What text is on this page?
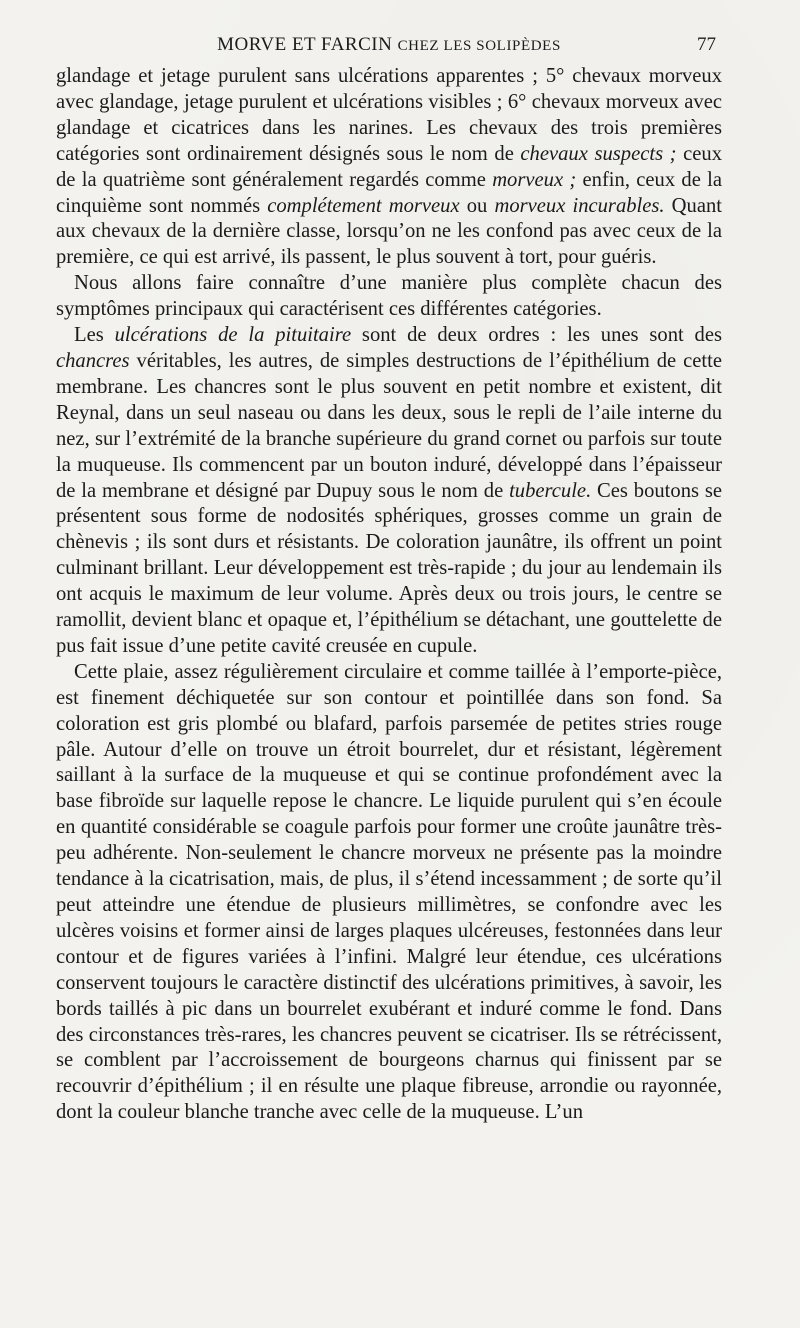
MORVE ET FARCIN CHEZ LES SOLIPÈDES	77

glandage et jetage purulent sans ulcérations apparentes ; 5° chevaux morveux avec glandage, jetage purulent et ulcérations visibles ; 6° chevaux morveux avec glandage et cicatrices dans les narines. Les chevaux des trois premières catégories sont ordinairement désignés sous le nom de chevaux suspects ; ceux de la quatrième sont généralement regardés comme morveux ; enfin, ceux de la cinquième sont nommés complétement morveux ou morveux incurables. Quant aux chevaux de la dernière classe, lorsqu’on ne les confond pas avec ceux de la première, ce qui est arrivé, ils passent, le plus souvent à tort, pour guéris.

Nous allons faire connaître d’une manière plus complète chacun des symptômes principaux qui caractérisent ces différentes catégories.

Les ulcérations de la pituitaire sont de deux ordres : les unes sont des chancres véritables, les autres, de simples destructions de l’épithélium de cette membrane. Les chancres sont le plus souvent en petit nombre et existent, dit Reynal, dans un seul naseau ou dans les deux, sous le repli de l’aile interne du nez, sur l’extrémité de la branche supérieure du grand cornet ou parfois sur toute la muqueuse. Ils commencent par un bouton induré, développé dans l’épaisseur de la membrane et désigné par Dupuy sous le nom de tubercule. Ces boutons se présentent sous forme de nodosités sphériques, grosses comme un grain de chènevis ; ils sont durs et résistants. De coloration jaunâtre, ils offrent un point culminant brillant. Leur développement est très-rapide ; du jour au lendemain ils ont acquis le maximum de leur volume. Après deux ou trois jours, le centre se ramollit, devient blanc et opaque et, l’épithélium se détachant, une gouttelette de pus fait issue d’une petite cavité creusée en cupule.

Cette plaie, assez régulièrement circulaire et comme taillée à l’emporte-pièce, est finement déchiquetée sur son contour et pointillée dans son fond. Sa coloration est gris plombé ou blafard, parfois parsemée de petites stries rouge pâle. Autour d’elle on trouve un étroit bourrelet, dur et résistant, légèrement saillant à la surface de la muqueuse et qui se continue profondément avec la base fibroïde sur laquelle repose le chancre. Le liquide purulent qui s’en écoule en quantité considérable se coagule parfois pour former une croûte jaunâtre très-peu adhérente. Non-seulement le chancre morveux ne présente pas la moindre tendance à la cicatrisation, mais, de plus, il s’étend incessamment ; de sorte qu’il peut atteindre une étendue de plusieurs millimètres, se confondre avec les ulcères voisins et former ainsi de larges plaques ulcéreuses, festonnées dans leur contour et de figures variées à l’infini. Malgré leur étendue, ces ulcérations conservent toujours le caractère distinctif des ulcérations primitives, à savoir, les bords taillés à pic dans un bourrelet exubérant et induré comme le fond. Dans des circonstances très-rares, les chancres peuvent se cicatriser. Ils se rétrécissent, se comblent par l’accroissement de bourgeons charnus qui finissent par se recouvrir d’épithélium ; il en résulte une plaque fibreuse, arrondie ou rayonnée, dont la couleur blanche tranche avec celle de la muqueuse. L’un
